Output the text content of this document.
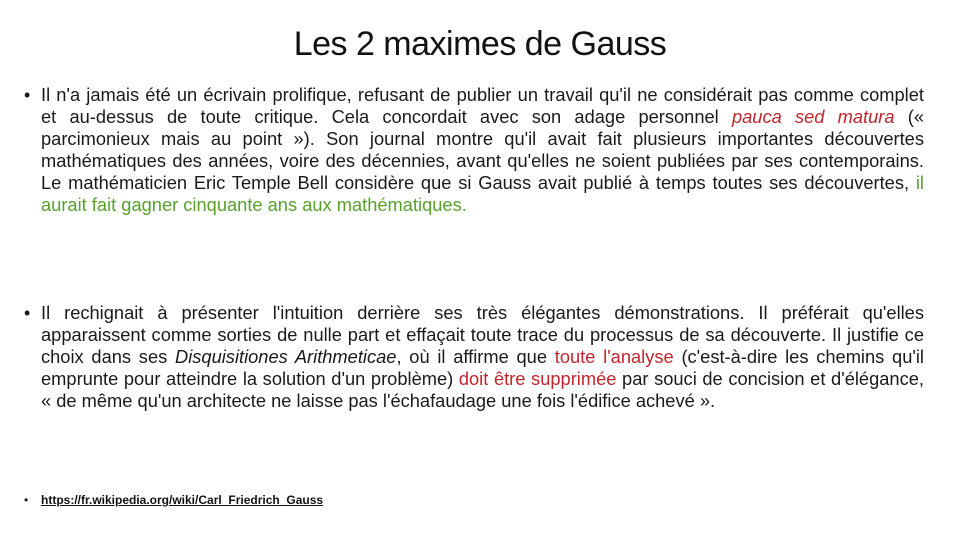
Les 2 maximes de Gauss
• Il n'a jamais été un écrivain prolifique, refusant de publier un travail qu'il ne considérait pas comme complet et au-dessus de toute critique. Cela concordait avec son adage personnel pauca sed matura (« parcimonieux mais au point »). Son journal montre qu'il avait fait plusieurs importantes découvertes mathématiques des années, voire des décennies, avant qu'elles ne soient publiées par ses contemporains. Le mathématicien Eric Temple Bell considère que si Gauss avait publié à temps toutes ses découvertes, il aurait fait gagner cinquante ans aux mathématiques.
• Il rechignait à présenter l'intuition derrière ses très élégantes démonstrations. Il préférait qu'elles apparaissent comme sorties de nulle part et effaçait toute trace du processus de sa découverte. Il justifie ce choix dans ses Disquisitiones Arithmeticae, où il affirme que toute l'analyse (c'est-à-dire les chemins qu'il emprunte pour atteindre la solution d'un problème) doit être supprimée par souci de concision et d'élégance, « de même qu'un architecte ne laisse pas l'échafaudage une fois l'édifice achevé ».
• https://fr.wikipedia.org/wiki/Carl_Friedrich_Gauss
